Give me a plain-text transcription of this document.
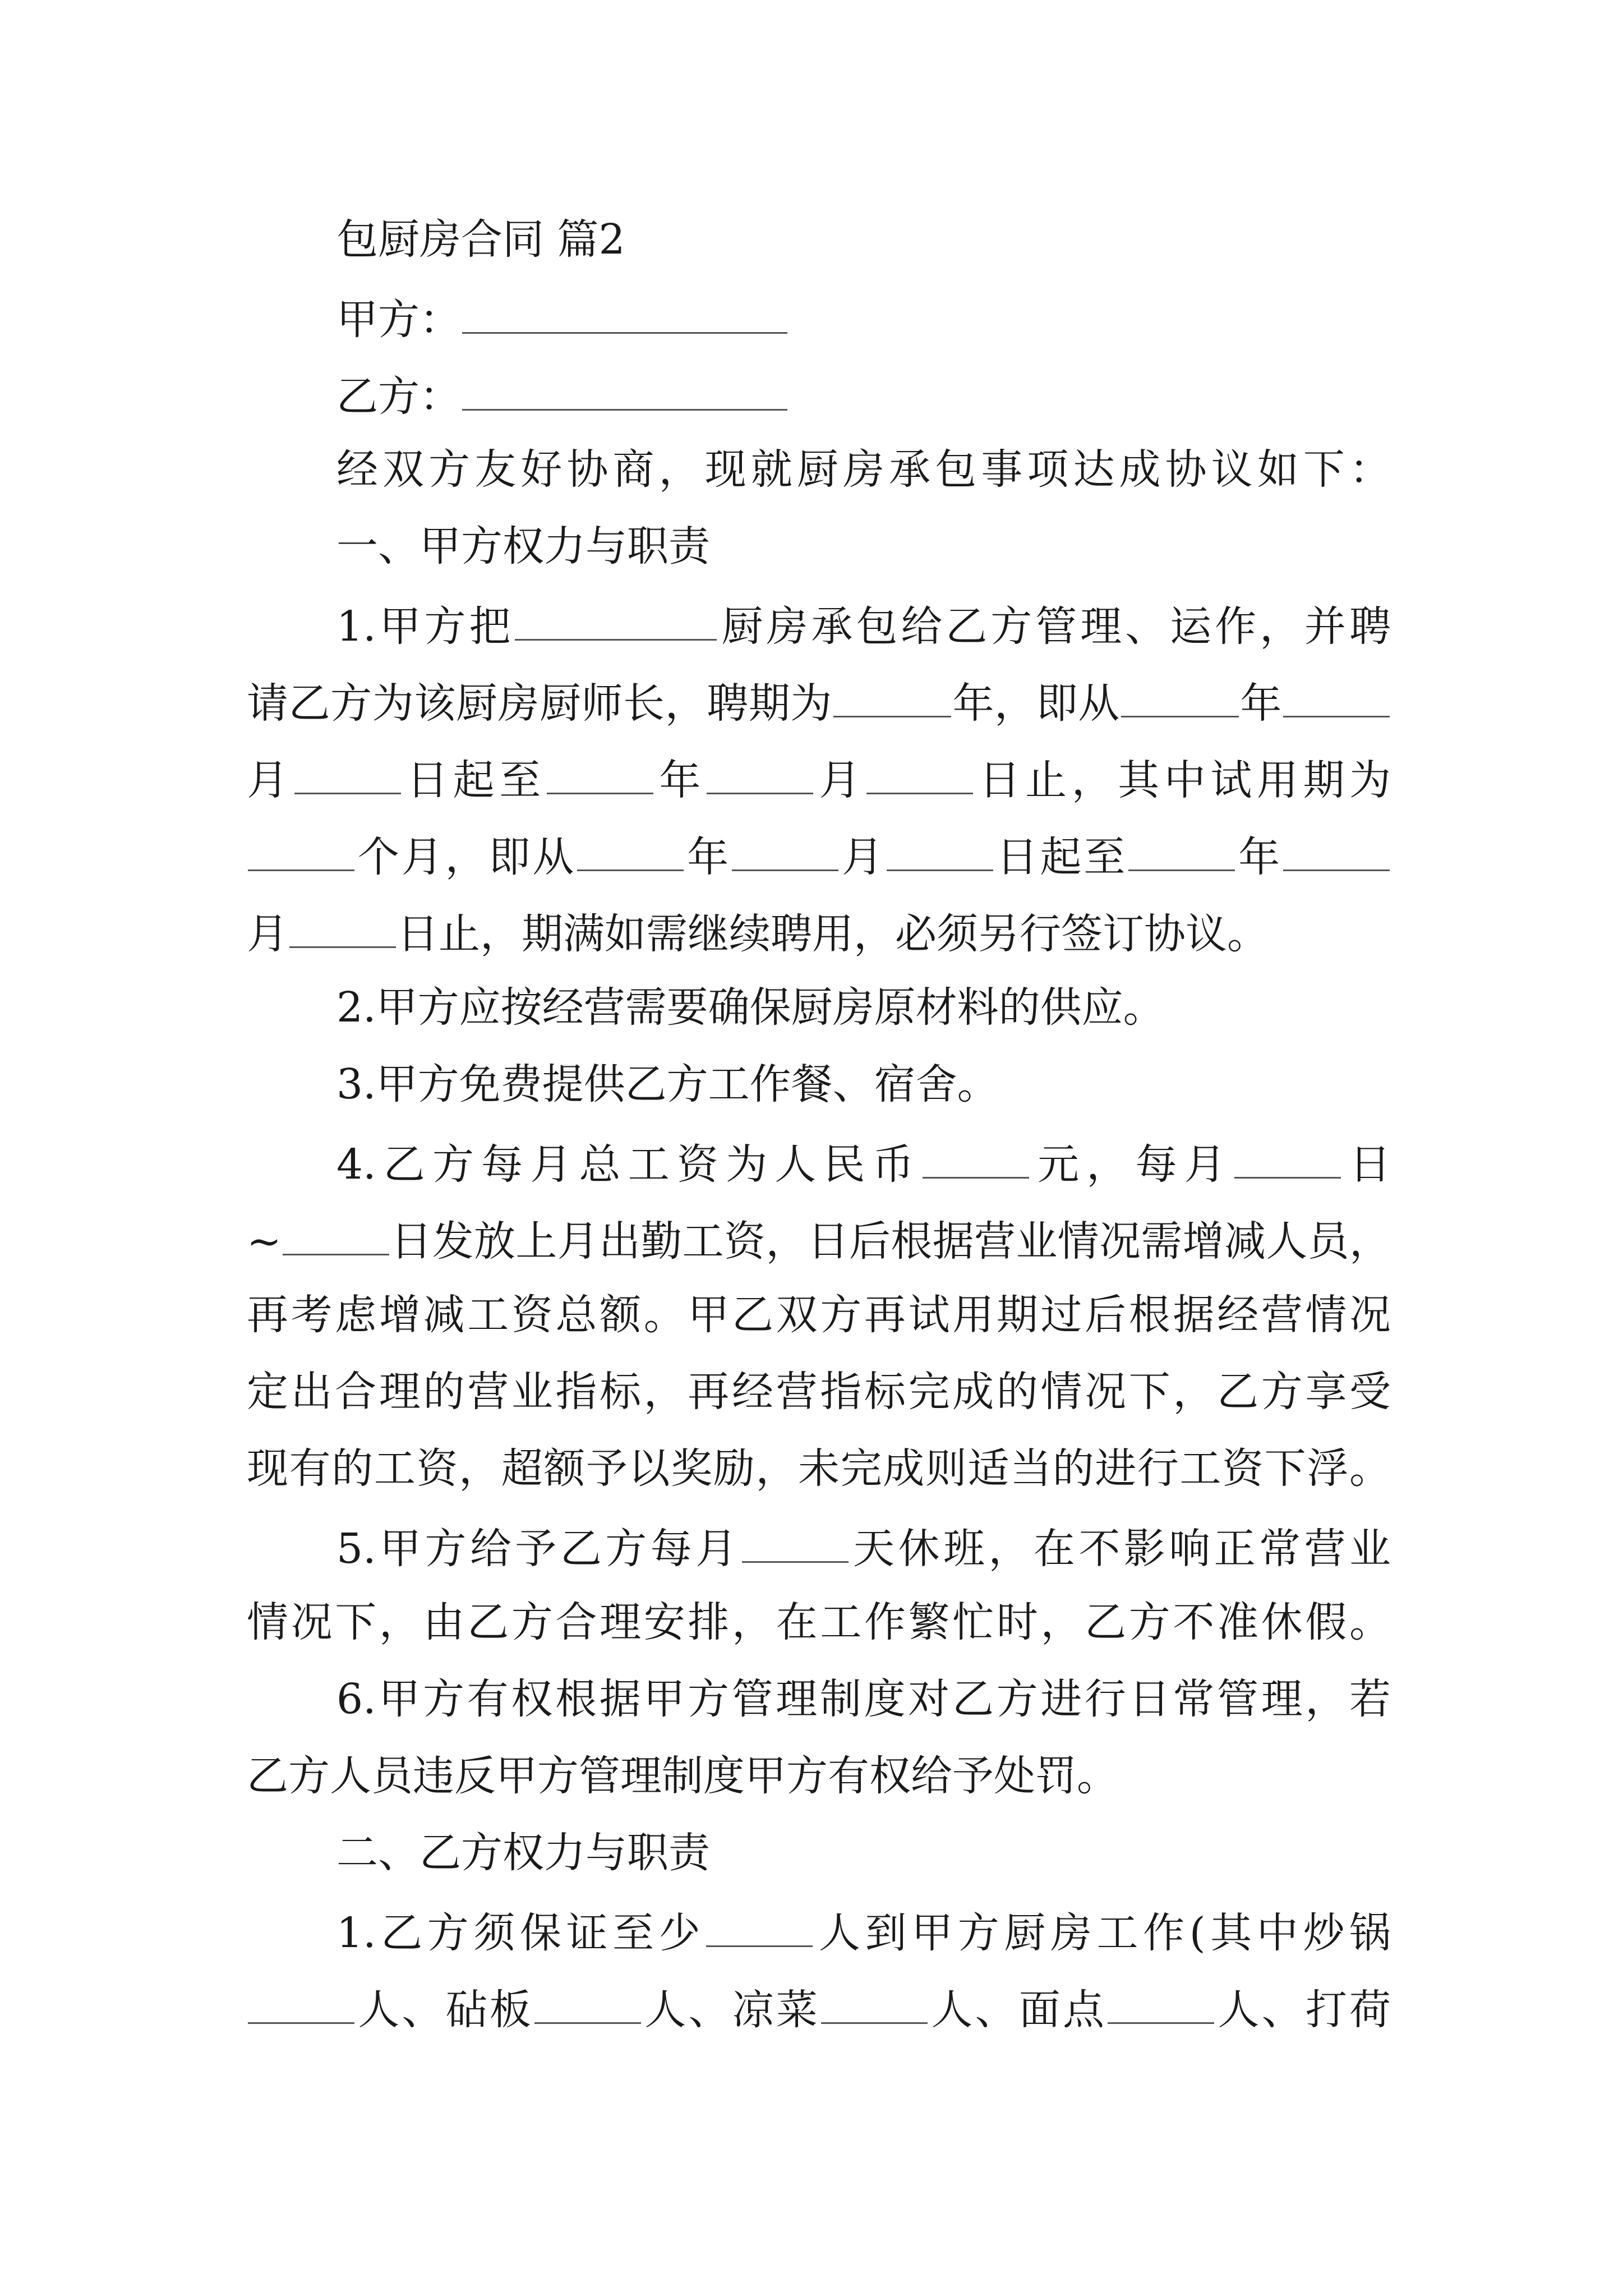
包厨房合同 篇2
甲方：
乙方：
经双方友好协商，现就厨房承包事项达成协议如下：
一、甲方权力与职责
1.甲方把	厨房承包给乙方管理、运作，并聘
请乙方为该厨房厨师长，聘期为	年，即从	年
月	日起至	年	月	日止，其中试用期为
个月，即从	年	月	日起至	年
月	日止，期满如需继续聘用，必须另行签订协议。
2.甲方应按经营需要确保厨房原材料的供应。
3.甲方免费提供乙方工作餐、宿舍。
4.乙方每月总工资为人民币	元，每月	日
~	日发放上月出勤工资，日后根据营业情况需增减人员，
再考虑增减工资总额。甲乙双方再试用期过后根据经营情况
定出合理的营业指标，再经营指标完成的情况下，乙方享受
现有的工资，超额予以奖励，未完成则适当的进行工资下浮。
5.甲方给予乙方每月	天休班，在不影响正常营业
情况下，由乙方合理安排，在工作繁忙时，乙方不准休假。
6.甲方有权根据甲方管理制度对乙方进行日常管理，若
乙方人员违反甲方管理制度甲方有权给予处罚。
二、乙方权力与职责
1.乙方须保证至少	人到甲方厨房工作(其中炒锅
人、砧板	人、凉菜	人、面点	人、打荷
